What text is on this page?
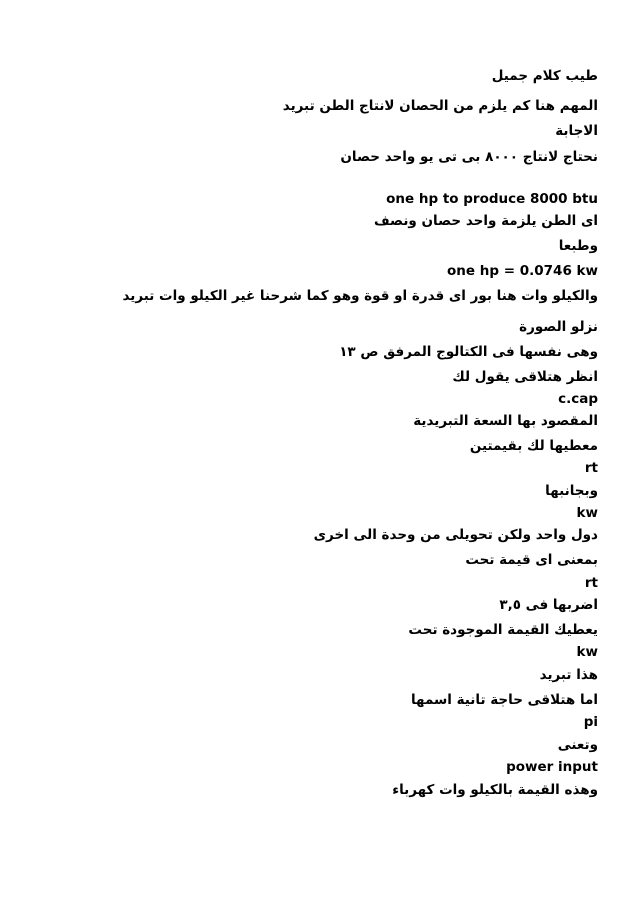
طيب كلام جميل
المهم هنا كم يلزم من الحصان لانتاج الطن تبريد
الاجابة
نحتاج لانتاج ٨٠٠٠ بى تى يو واحد حصان
one hp to produce 8000 btu
اى الطن يلزمة واحد حصان ونصف
وطبعا
one hp = 0.0746 kw
والكيلو وات هنا بور اى قدرة او قوة وهو كما شرحنا غير الكيلو وات تبريد
نزلو الصورة
وهى نفسها فى الكتالوج المرفق ص ١٣
انظر هتلاقى يقول لك
c.cap
المقصود بها السعة التبريدية
معطيها لك بقيمتين
rt
وبجانبها
kw
دول واحد ولكن تحويلى من وحدة الى اخرى
بمعنى اى قيمة تحت
rt
اضربها فى ٣,٥
يعطيك القيمة الموجودة تحت
kw
هذا تبريد
اما هتلاقى حاجة تانية اسمها
pi
وتعنى
power input
وهذه القيمة بالكيلو وات كهرباء
